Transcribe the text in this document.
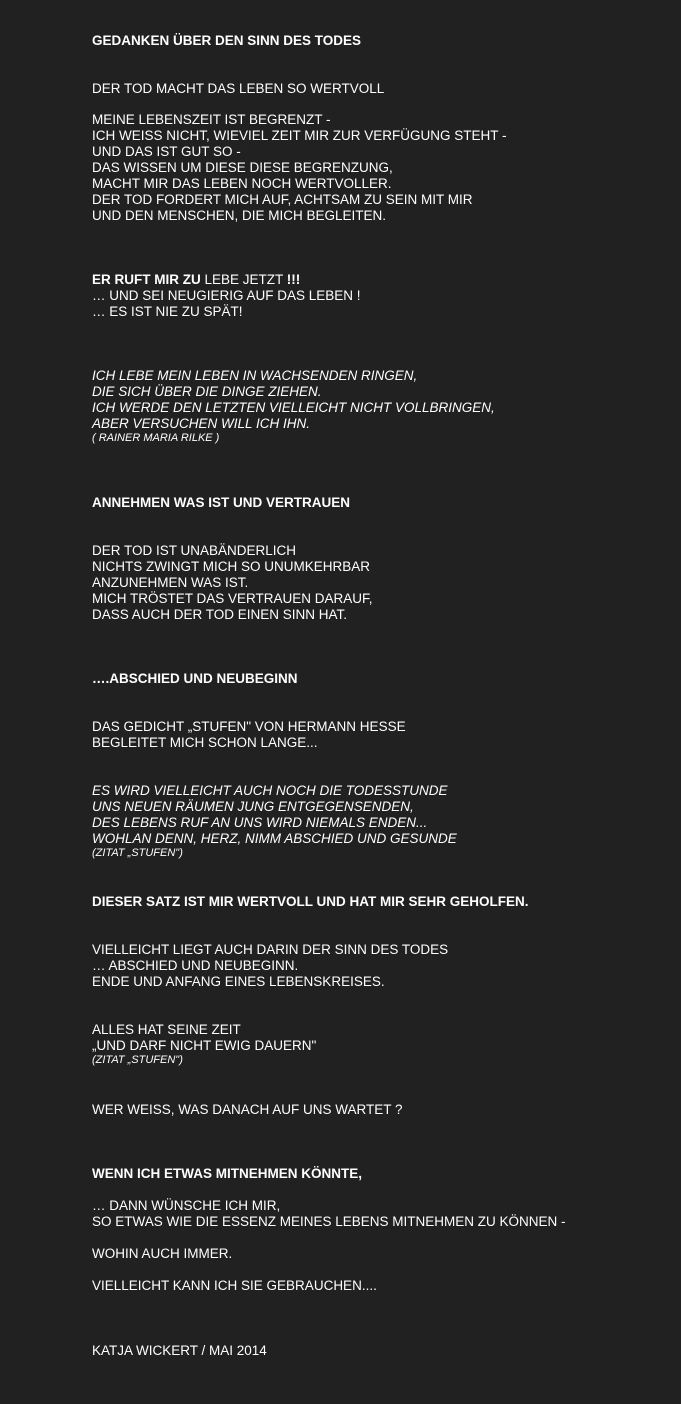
GEDANKEN ÜBER DEN SINN DES TODES

DER TOD MACHT DAS LEBEN SO WERTVOLL

MEINE LEBENSZEIT IST BEGRENZT -
ICH WEISS NICHT, WIEVIEL ZEIT MIR ZUR VERFÜGUNG STEHT -
UND DAS IST GUT SO -
DAS WISSEN UM DIESE DIESE BEGRENZUNG,
MACHT MIR DAS LEBEN NOCH WERTVOLLER.
DER TOD FORDERT MICH AUF, ACHTSAM ZU SEIN MIT MIR
UND DEN MENSCHEN, DIE MICH BEGLEITEN.

ER RUFT MIR ZU LEBE JETZT !!!
… UND SEI NEUGIERIG AUF DAS LEBEN !
… ES IST NIE ZU SPÄT!

ICH LEBE MEIN LEBEN IN WACHSENDEN RINGEN,
DIE SICH ÜBER DIE DINGE ZIEHEN.
ICH WERDE DEN LETZTEN VIELLEICHT NICHT VOLLBRINGEN,
ABER VERSUCHEN WILL ICH IHN.
( RAINER MARIA RILKE )
ANNEHMEN WAS IST UND VERTRAUEN

DER TOD IST UNABÄNDERLICH
NICHTS ZWINGT MICH SO UNUMKEHRBAR
ANZUNEHMEN WAS IST.
MICH TRÖSTET DAS VERTRAUEN DARAUF,
DASS AUCH DER TOD EINEN SINN HAT.

….ABSCHIED UND NEUBEGINN

DAS GEDICHT „STUFEN" VON HERMANN HESSE
BEGLEITET MICH SCHON LANGE...

ES WIRD VIELLEICHT AUCH NOCH DIE TODESSTUNDE
UNS NEUEN RÄUMEN JUNG ENTGEGENSENDEN,
DES LEBENS RUF AN UNS WIRD NIEMALS ENDEN...
WOHLAN DENN, HERZ, NIMM ABSCHIED UND GESUNDE
(ZITAT „STUFEN")

DIESER SATZ IST MIR WERTVOLL UND HAT MIR SEHR GEHOLFEN.

VIELLEICHT LIEGT AUCH DARIN DER SINN DES TODES
… ABSCHIED UND NEUBEGINN.
ENDE UND ANFANG EINES LEBENSKREISES.

ALLES HAT SEINE ZEIT
„UND DARF NICHT EWIG DAUERN"
(ZITAT „STUFEN")

WER WEISS, WAS DANACH AUF UNS WARTET ?

WENN ICH ETWAS MITNEHMEN KÖNNTE,

… DANN WÜNSCHE ICH MIR,
SO ETWAS WIE DIE ESSENZ MEINES LEBENS MITNEHMEN ZU KÖNNEN -

WOHIN AUCH IMMER.

VIELLEICHT KANN ICH SIE GEBRAUCHEN....

KATJA WICKERT / MAI 2014
